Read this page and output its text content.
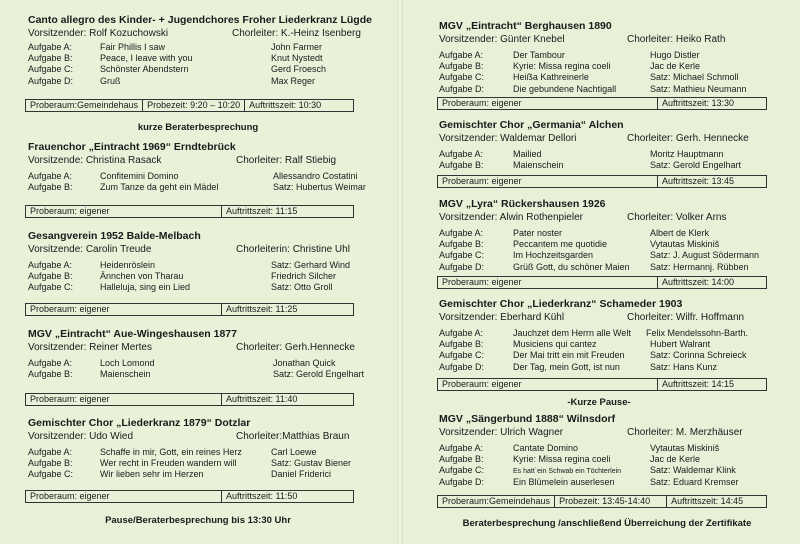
Canto allegro des Kinder- + Jugendchores Froher Liederkranz Lügde
Vorsitzender: Rolf Kozuchowski	Chorleiter: K.-Heinz Isenberg
Aufgabe A:	Fair Phillis I saw	John Farmer
Aufgabe B:	Peace, I leave with you	Knut Nystedt
Aufgabe C:	Schönster Abendstern	Gerd Froesch
Aufgabe D:	Gruß	Max Reger
Proberaum:Gemeindehaus	Probezeit: 9:20 – 10:20	Auftrittszeit: 10:30
kurze Beraterbesprechung
Frauenchor „Eintracht 1969“ Erndtebrück
Vorsitzende: Christina Rasack	Chorleiter: Ralf Stiebig
Aufgabe A:	Confitemini Domino	Allessandro Costatini
Aufgabe B:	Zum Tanze da geht ein Mädel	Satz: Hubertus Weimar
Proberaum: eigener	Auftrittszeit: 11:15
Gesangverein 1952 Balde-Melbach
Vorsitzende: Carolin Treude	Chorleiterin: Christine Uhl
Aufgabe A:	Heidenröslein	Satz: Gerhard Wind
Aufgabe B:	Ännchen von Tharau	Friedrich Silcher
Aufgabe C:	Halleluja, sing ein Lied	Satz: Otto Groll
Proberaum: eigener	Auftrittszeit: 11:25
MGV „Eintracht“ Aue-Wingeshausen 1877
Vorsitzender: Reiner Mertes	Chorleiter: Gerh.Hennecke
Aufgabe A:	Loch Lomond	Jonathan Quick
Aufgabe B:	Maienschein	Satz: Gerold Engelhart
Proberaum: eigener	Auftrittszeit: 11:40
Gemischter Chor „Liederkranz 1879“ Dotzlar
Vorsitzender: Udo Wied	Chorleiter:Matthias Braun
Aufgabe A:	Schaffe in mir, Gott, ein reines Herz	Carl Loewe
Aufgabe B:	Wer recht in Freuden wandern will	Satz: Gustav Biener
Aufgabe C:	Wir lieben sehr im Herzen	Daniel Friderici
Proberaum: eigener	Auftrittszeit: 11:50
Pause/Beraterbesprechung bis 13:30 Uhr
MGV „Eintracht“ Berghausen 1890
Vorsitzender: Günter Knebel	Chorleiter: Heiko Rath
Aufgabe A:	Der Tambour	Hugo Distler
Aufgabe B:	Kyrie: Missa regina coeli	Jac de Kerle
Aufgabe C:	Heiẞa Kathreinerle	Satz: Michael Schmoll
Aufgabe D:	Die gebundene Nachtigall	Satz: Mathieu Neumann
Proberaum: eigener	Auftrittszeit: 13:30
Gemischter Chor „Germania“ Alchen
Vorsitzender: Waldemar Dellori	Chorleiter: Gerh. Hennecke
Aufgabe A:	Mailied	Moritz Hauptmann
Aufgabe B:	Maienschein	Satz: Gerold Engelhart
Proberaum: eigener	Auftrittszeit: 13:45
MGV „Lyra“ Rückershausen 1926
Vorsitzender: Alwin Rothenpieler	Chorleiter: Volker Arns
Aufgabe A:	Pater noster	Albert de Klerk
Aufgabe B:	Peccantem me quotidie	Vytautas Miskiniš
Aufgabe C:	Im Hochzeitsgarden	Satz: J. August Södermann
Aufgabe D:	Grüß Gott, du schöner Maien Satz: Hermannj. Rübben
Proberaum: eigener	Auftrittszeit: 14:00
Gemischter Chor „Liederkranz“ Schameder 1903
Vorsitzender: Eberhard Kühl	Chorleiter: Wilfr. Hoffmann
Aufgabe A:	Jauchzet dem Herrn alle Welt Felix Mendelssohn-Barth.
Aufgabe B:	Musiciens qui cantez	Hubert Walrant
Aufgabe C:	Der Mai tritt ein mit Freuden	Satz: Corinna Schreieck
Aufgabe D:	Der Tag, mein Gott, ist nun	Satz: Hans Kunz
Proberaum: eigener	Auftrittszeit: 14:15
-Kurze Pause-
MGV „Sängerbund 1888“ Wilnsdorf
Vorsitzender: Ulrich Wagner	Chorleiter: M. Merzhäuser
Aufgabe A:	Cantate Domino	Vytautas Miskiniš
Aufgabe B:	Kyrie: Missa regina coeli	Jac de Kerle
Aufgabe C:	Es hatt`ein Schwab ein Töchterlein	Satz: Waldemar Klink
Aufgabe D:	Ein Blümelein auserlesen	Satz: Eduard Kremser
Proberaum:Gemeindehaus	Probezeit: 13:45-14:40	Auftrittszeit: 14:45
Beraterbesprechung /anschließend Überreichung der Zertifikate
